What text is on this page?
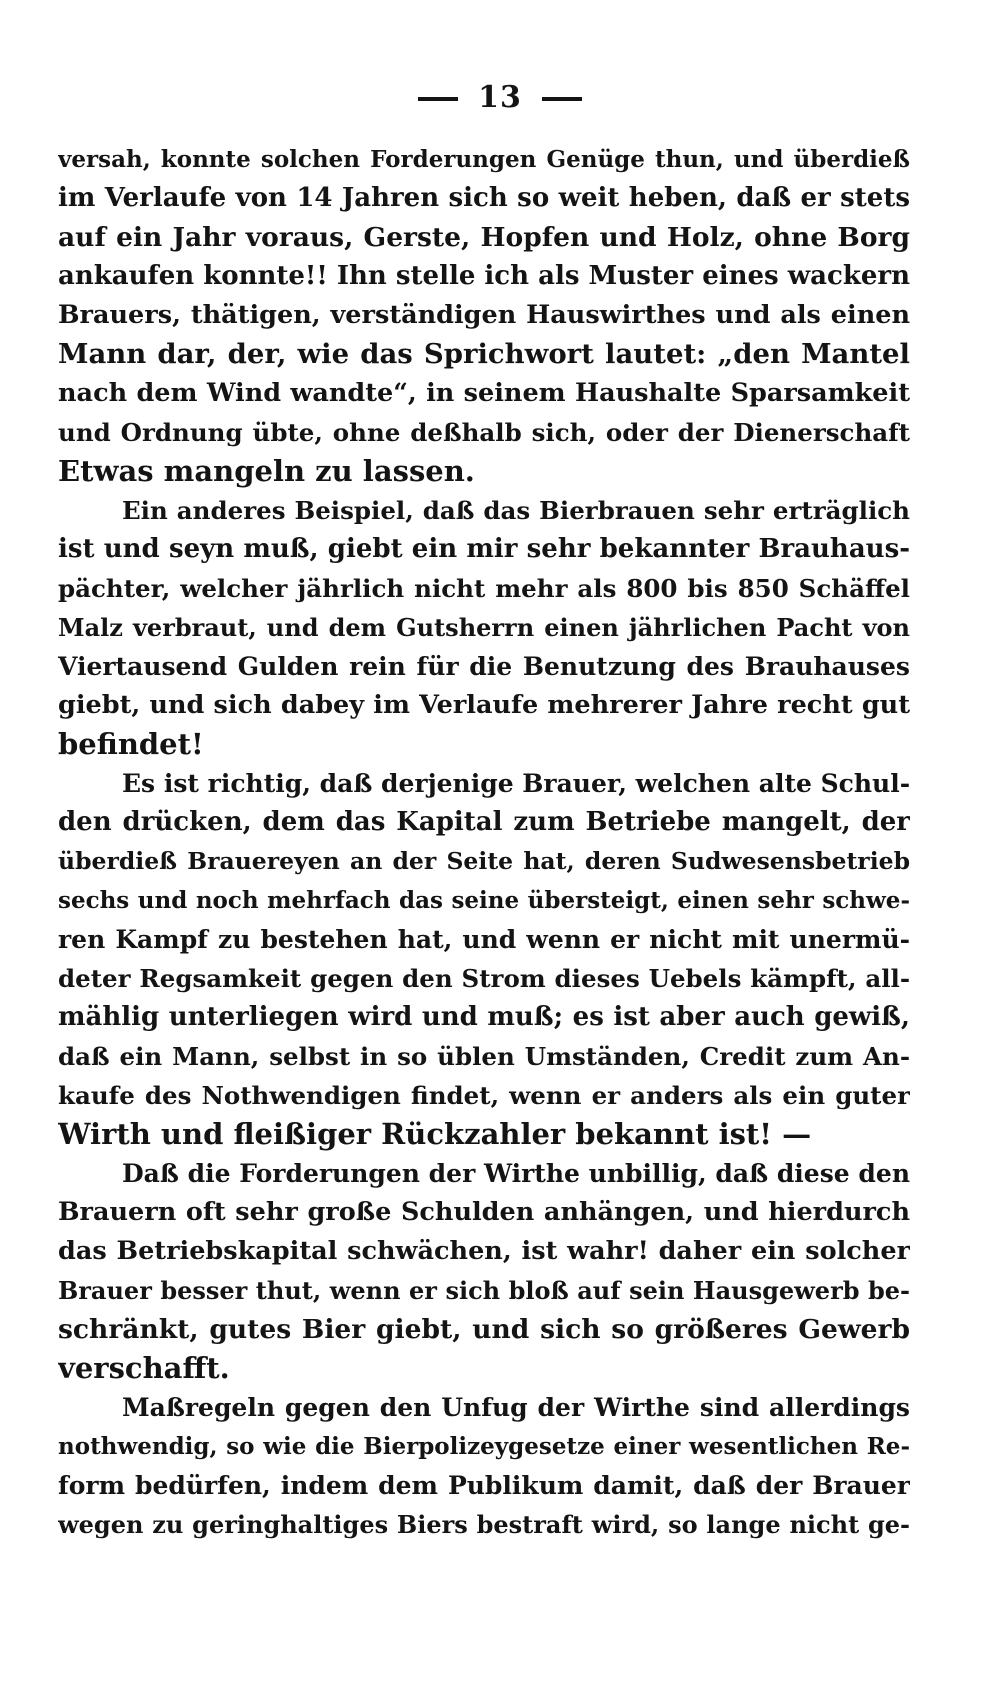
13
versah, konnte solchen Forderungen Genüge thun, und überdieß
im Verlaufe von 14 Jahren sich so weit heben, daß er stets
auf ein Jahr voraus, Gerste, Hopfen und Holz, ohne Borg
ankaufen konnte!! Ihn stelle ich als Muster eines wackern
Brauers, thätigen, verständigen Hauswirthes und als einen
Mann dar, der, wie das Sprichwort lautet: „den Mantel
nach dem Wind wandte“, in seinem Haushalte Sparsamkeit
und Ordnung übte, ohne deßhalb sich, oder der Dienerschaft
Etwas mangeln zu lassen.
Ein anderes Beispiel, daß das Bierbrauen sehr erträglich
ist und seyn muß, giebt ein mir sehr bekannter Brauhaus-
pächter, welcher jährlich nicht mehr als 800 bis 850 Schäffel
Malz verbraut, und dem Gutsherrn einen jährlichen Pacht von
Viertausend Gulden rein für die Benutzung des Brauhauses
giebt, und sich dabey im Verlaufe mehrerer Jahre recht gut
befindet!
Es ist richtig, daß derjenige Brauer, welchen alte Schul-
den drücken, dem das Kapital zum Betriebe mangelt, der
überdieß Brauereyen an der Seite hat, deren Sudwesensbetrieb
sechs und noch mehrfach das seine übersteigt, einen sehr schwe-
ren Kampf zu bestehen hat, und wenn er nicht mit unermü-
deter Regsamkeit gegen den Strom dieses Uebels kämpft, all-
mählig unterliegen wird und muß; es ist aber auch gewiß,
daß ein Mann, selbst in so üblen Umständen, Credit zum An-
kaufe des Nothwendigen findet, wenn er anders als ein guter
Wirth und fleißiger Rückzahler bekannt ist! —
Daß die Forderungen der Wirthe unbillig, daß diese den
Brauern oft sehr große Schulden anhängen, und hierdurch
das Betriebskapital schwächen, ist wahr! daher ein solcher
Brauer besser thut, wenn er sich bloß auf sein Hausgewerb be-
schränkt, gutes Bier giebt, und sich so größeres Gewerb
verschafft.
Maßregeln gegen den Unfug der Wirthe sind allerdings
nothwendig, so wie die Bierpolizeygesetze einer wesentlichen Re-
form bedürfen, indem dem Publikum damit, daß der Brauer
wegen zu geringhaltiges Biers bestraft wird, so lange nicht ge-
